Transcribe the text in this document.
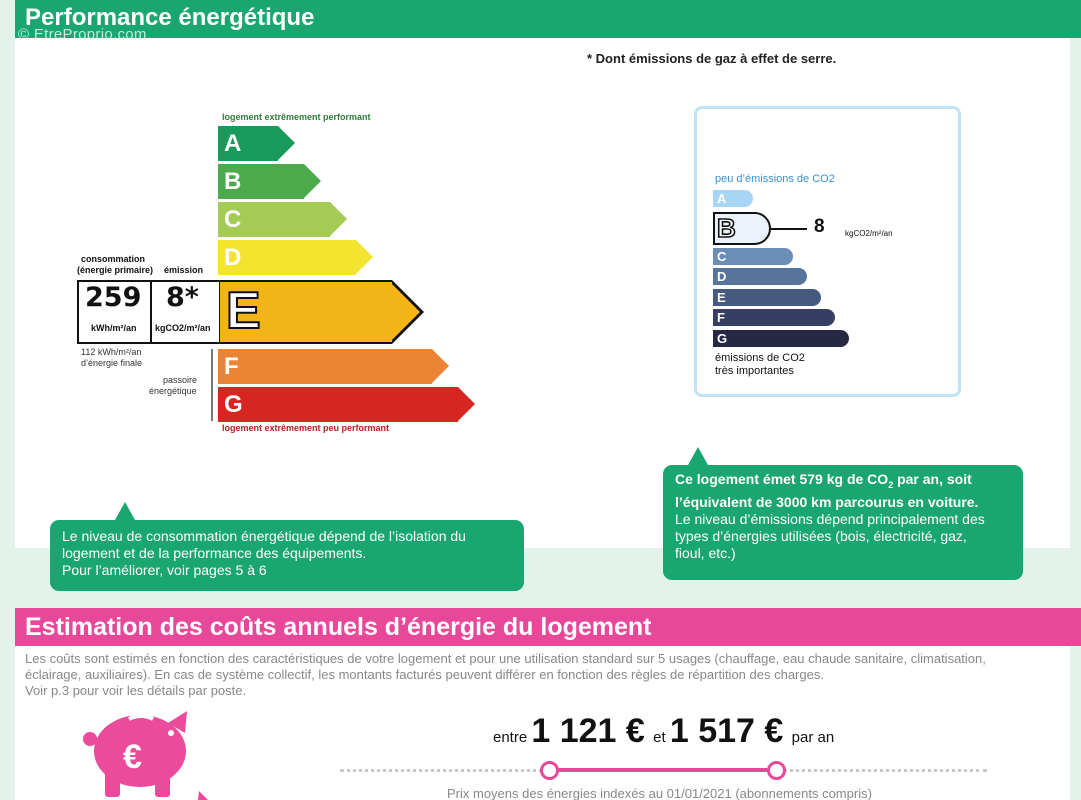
Performance énergétique
© EtreProprio.com
* Dont émissions de gaz à effet de serre.
logement extrêmement performant
A
B
C
D
E
F
G
logement extrêmement peu performant
consommation
(énergie primaire) émission
259
kWh/m²/an
8*
kgCO2/m²/an
112 kWh/m²/an
d’énergie finale
passoire
énergétique
peu d’émissions de CO2
A
B	8	kgCO2/m²/an
C
D
E
F
G
émissions de CO2
très importantes
Le niveau de consommation énergétique dépend de l’isolation du
logement et de la performance des équipements.
Pour l’améliorer, voir pages 5 à 6
Ce logement émet 579 kg de $CO_2$ par an, soit
l’équivalent de 3000 km parcourus en voiture.
Le niveau d’émissions dépend principalement des
types d’énergies utilisées (bois, électricité, gaz,
fioul, etc.)
Estimation des coûts annuels d’énergie du logement
Les coûts sont estimés en fonction des caractéristiques de votre logement et pour une utilisation standard sur 5 usages (chauffage, eau chaude sanitaire, climatisation,
éclairage, auxiliaires). En cas de système collectif, les montants facturés peuvent différer en fonction des règles de répartition des charges.
Voir p.3 pour voir les détails par poste.
€
entre 1 121 € et 1 517 € par an
Prix moyens des énergies indexés au 01/01/2021 (abonnements compris)
